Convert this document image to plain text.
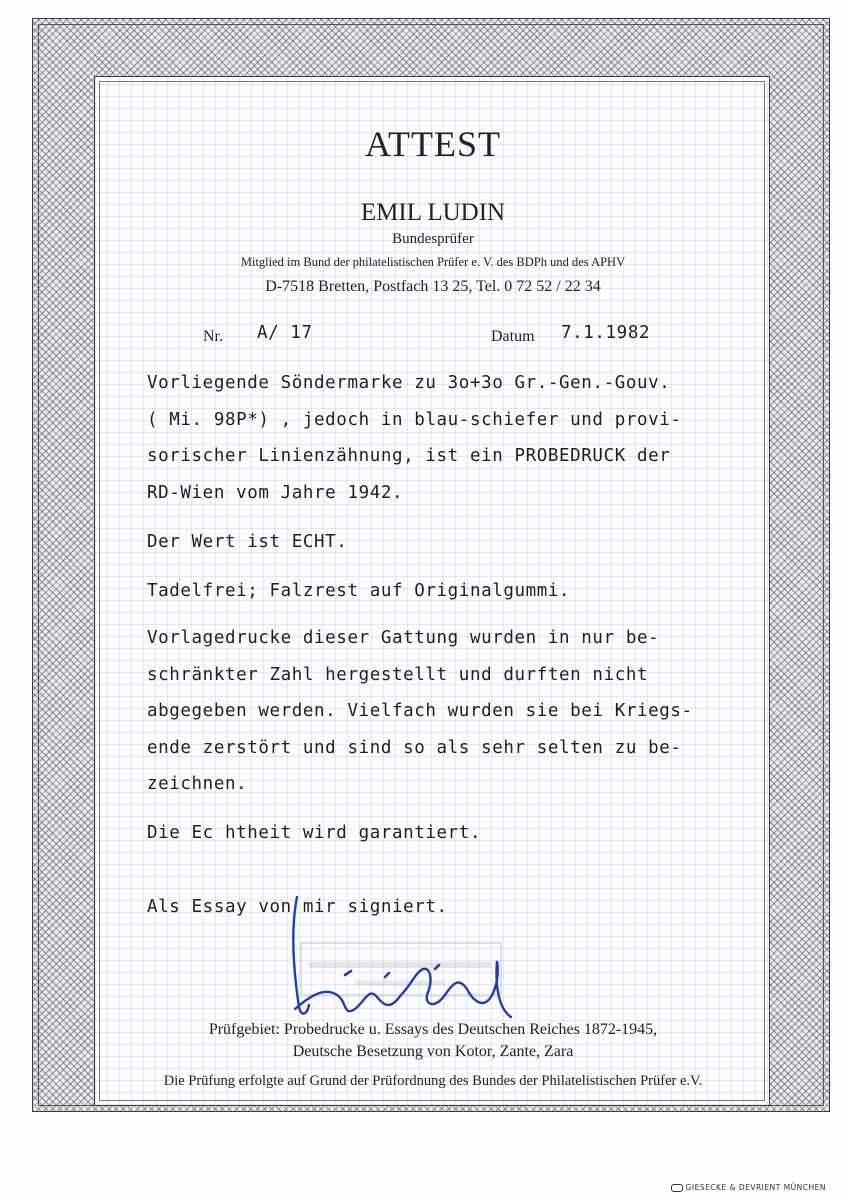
ATTEST
EMIL LUDIN
Bundesprüfer
Mitglied im Bund der philatelistischen Prüfer e. V. des BDPh und des APHV
D-7518 Bretten, Postfach 13 25, Tel. 0 72 52 / 22 34
Nr. A/ 17	Datum 7.1.1982
Vorliegende Söndermarke zu 3o+3o Gr.-Gen.-Gouv.
( Mi. 98P*) , jedoch in blau-schiefer und provi-
sorischer Linienzähnung, ist ein PROBEDRUCK der
RD-Wien vom Jahre 1942.
Der Wert ist ECHT.
Tadelfrei; Falzrest auf Originalgummi.
Vorlagedrucke dieser Gattung wurden in nur be-
schränkter Zahl hergestellt und durften nicht
abgegeben werden. Vielfach wurden sie bei Kriegs-
ende zerstört und sind so als sehr selten zu be-
zeichnen.
Die Ec htheit wird garantiert.
Als Essay von mir signiert.
Prüfgebiet: Probedrucke u. Essays des Deutschen Reiches 1872-1945,
Deutsche Besetzung von Kotor, Zante, Zara
Die Prüfung erfolgte auf Grund der Prüfordnung des Bundes der Philatelistischen Prüfer e.V.
GIESECKE & DEVRIENT MÜNCHEN
